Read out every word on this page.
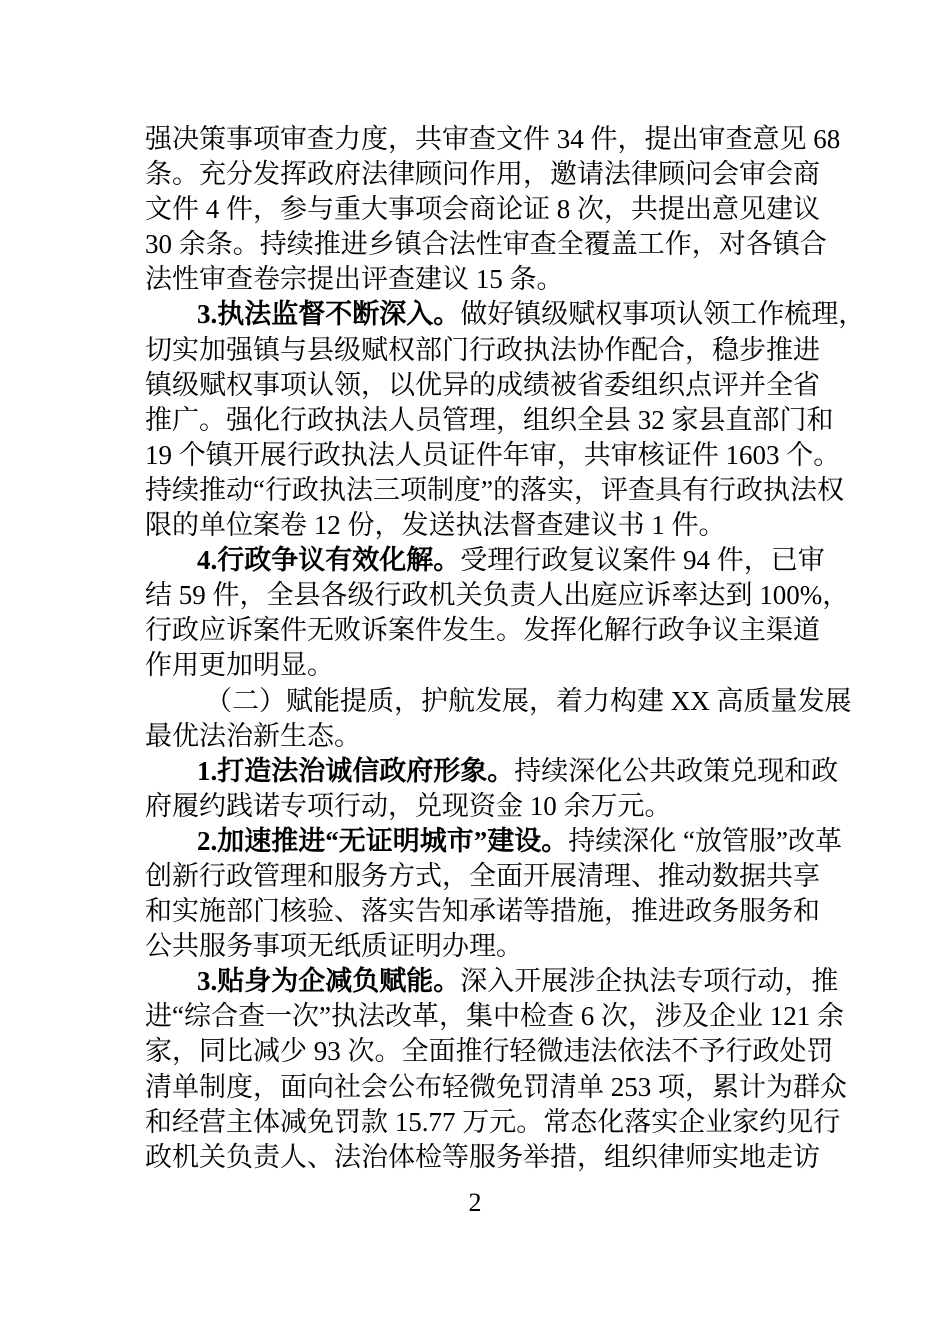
强决策事项审查力度，共审查文件 34 件，提出审查意见 68
条。充分发挥政府法律顾问作用，邀请法律顾问会审会商
文件 4 件，参与重大事项会商论证 8 次，共提出意见建议
30 余条。持续推进乡镇合法性审查全覆盖工作，对各镇合
法性审查卷宗提出评查建议 15 条。
3.执法监督不断深入。做好镇级赋权事项认领工作梳理，
切实加强镇与县级赋权部门行政执法协作配合，稳步推进
镇级赋权事项认领，以优异的成绩被省委组织点评并全省
推广。强化行政执法人员管理，组织全县 32 家县直部门和
19 个镇开展行政执法人员证件年审，共审核证件 1603 个。
持续推动“行政执法三项制度”的落实，评查具有行政执法权
限的单位案卷 12 份，发送执法督查建议书 1 件。
4.行政争议有效化解。受理行政复议案件 94 件，已审
结 59 件，全县各级行政机关负责人出庭应诉率达到 100%，
行政应诉案件无败诉案件发生。发挥化解行政争议主渠道
作用更加明显。
（二）赋能提质，护航发展，着力构建 XX 高质量发展
最优法治新生态。
1.打造法治诚信政府形象。持续深化公共政策兑现和政
府履约践诺专项行动，兑现资金 10 余万元。
2.加速推进“无证明城市”建设。持续深化 “放管服”改革
创新行政管理和服务方式，全面开展清理、推动数据共享
和实施部门核验、落实告知承诺等措施，推进政务服务和
公共服务事项无纸质证明办理。
3.贴身为企减负赋能。深入开展涉企执法专项行动，推
进“综合查一次”执法改革，集中检查 6 次，涉及企业 121 余
家，同比减少 93 次。全面推行轻微违法依法不予行政处罚
清单制度，面向社会公布轻微免罚清单 253 项，累计为群众
和经营主体减免罚款 15.77 万元。常态化落实企业家约见行
政机关负责人、法治体检等服务举措，组织律师实地走访
2
